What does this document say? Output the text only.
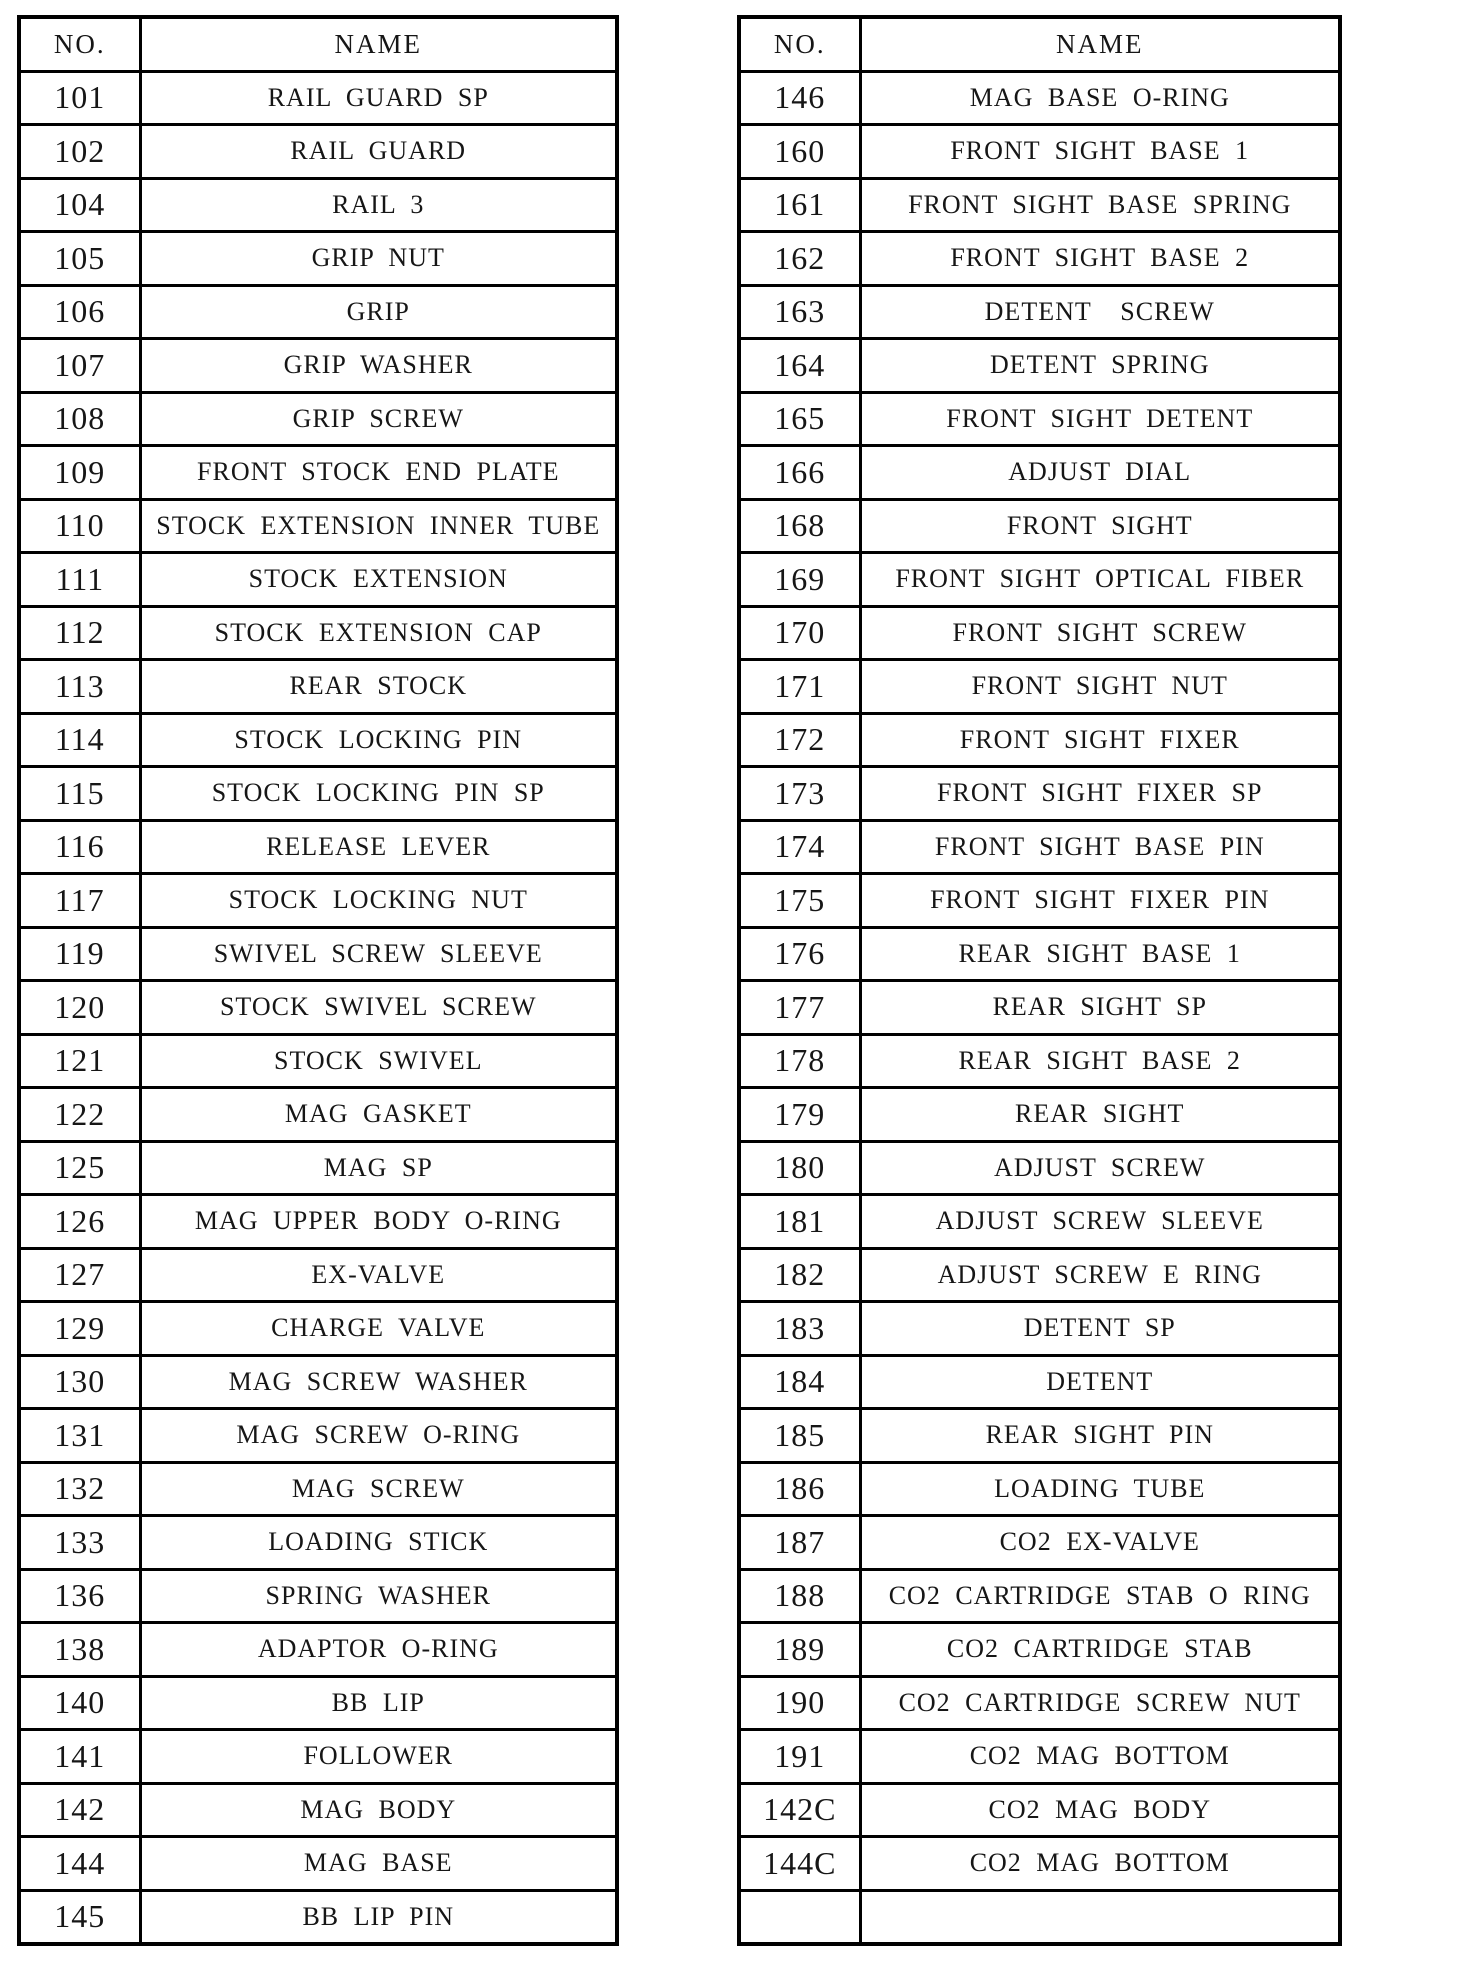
NO.	NAME
101	RAIL GUARD SP
102	RAIL GUARD
104	RAIL 3
105	GRIP NUT
106	GRIP
107	GRIP WASHER
108	GRIP SCREW
109	FRONT STOCK END PLATE
110	STOCK EXTENSION INNER TUBE
111	STOCK EXTENSION
112	STOCK EXTENSION CAP
113	REAR STOCK
114	STOCK LOCKING PIN
115	STOCK LOCKING PIN SP
116	RELEASE LEVER
117	STOCK LOCKING NUT
119	SWIVEL SCREW SLEEVE
120	STOCK SWIVEL SCREW
121	STOCK SWIVEL
122	MAG GASKET
125	MAG SP
126	MAG UPPER BODY O-RING
127	EX-VALVE
129	CHARGE VALVE
130	MAG SCREW WASHER
131	MAG SCREW O-RING
132	MAG SCREW
133	LOADING STICK
136	SPRING WASHER
138	ADAPTOR O-RING
140	BB LIP
141	FOLLOWER
142	MAG BODY
144	MAG BASE
145	BB LIP PIN
NO.	NAME
146	MAG BASE O-RING
160	FRONT SIGHT BASE 1
161	FRONT SIGHT BASE SPRING
162	FRONT SIGHT BASE 2
163	DETENT  SCREW
164	DETENT SPRING
165	FRONT SIGHT DETENT
166	ADJUST DIAL
168	FRONT SIGHT
169	FRONT SIGHT OPTICAL FIBER
170	FRONT SIGHT SCREW
171	FRONT SIGHT NUT
172	FRONT SIGHT FIXER
173	FRONT SIGHT FIXER SP
174	FRONT SIGHT BASE PIN
175	FRONT SIGHT FIXER PIN
176	REAR SIGHT BASE 1
177	REAR SIGHT SP
178	REAR SIGHT BASE 2
179	REAR SIGHT
180	ADJUST SCREW
181	ADJUST SCREW SLEEVE
182	ADJUST SCREW E RING
183	DETENT SP
184	DETENT
185	REAR SIGHT PIN
186	LOADING TUBE
187	CO2 EX-VALVE
188	CO2 CARTRIDGE STAB O RING
189	CO2 CARTRIDGE STAB
190	CO2 CARTRIDGE SCREW NUT
191	CO2 MAG BOTTOM
142C	CO2 MAG BODY
144C	CO2 MAG BOTTOM
